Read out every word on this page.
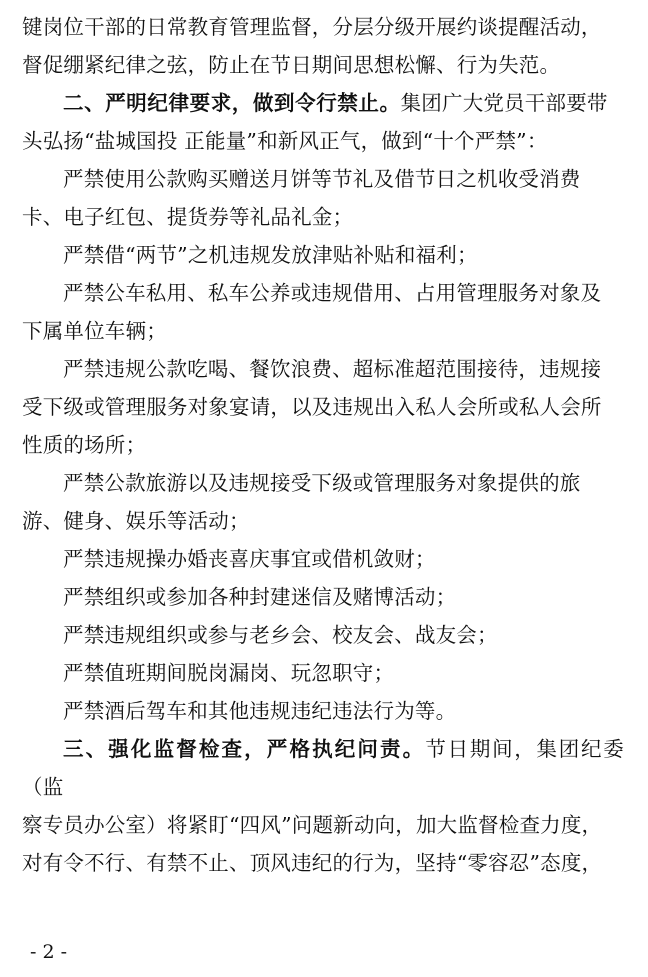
键岗位干部的日常教育管理监督，分层分级开展约谈提醒活动，
督促绷紧纪律之弦，防止在节日期间思想松懈、行为失范。
二、严明纪律要求，做到令行禁止。集团广大党员干部要带
头弘扬“盐城国投 正能量”和新风正气，做到“十个严禁”：
严禁使用公款购买赠送月饼等节礼及借节日之机收受消费
卡、电子红包、提货券等礼品礼金；
严禁借“两节”之机违规发放津贴补贴和福利；
严禁公车私用、私车公养或违规借用、占用管理服务对象及
下属单位车辆；
严禁违规公款吃喝、餐饮浪费、超标准超范围接待，违规接
受下级或管理服务对象宴请，以及违规出入私人会所或私人会所
性质的场所；
严禁公款旅游以及违规接受下级或管理服务对象提供的旅
游、健身、娱乐等活动；
严禁违规操办婚丧喜庆事宜或借机敛财；
严禁组织或参加各种封建迷信及赌博活动；
严禁违规组织或参与老乡会、校友会、战友会；
严禁值班期间脱岗漏岗、玩忽职守；
严禁酒后驾车和其他违规违纪违法行为等。
三、强化监督检查，严格执纪问责。节日期间，集团纪委（监
察专员办公室）将紧盯“四风”问题新动向，加大监督检查力度，
对有令不行、有禁不止、顶风违纪的行为，坚持“零容忍”态度，
- 2 -
